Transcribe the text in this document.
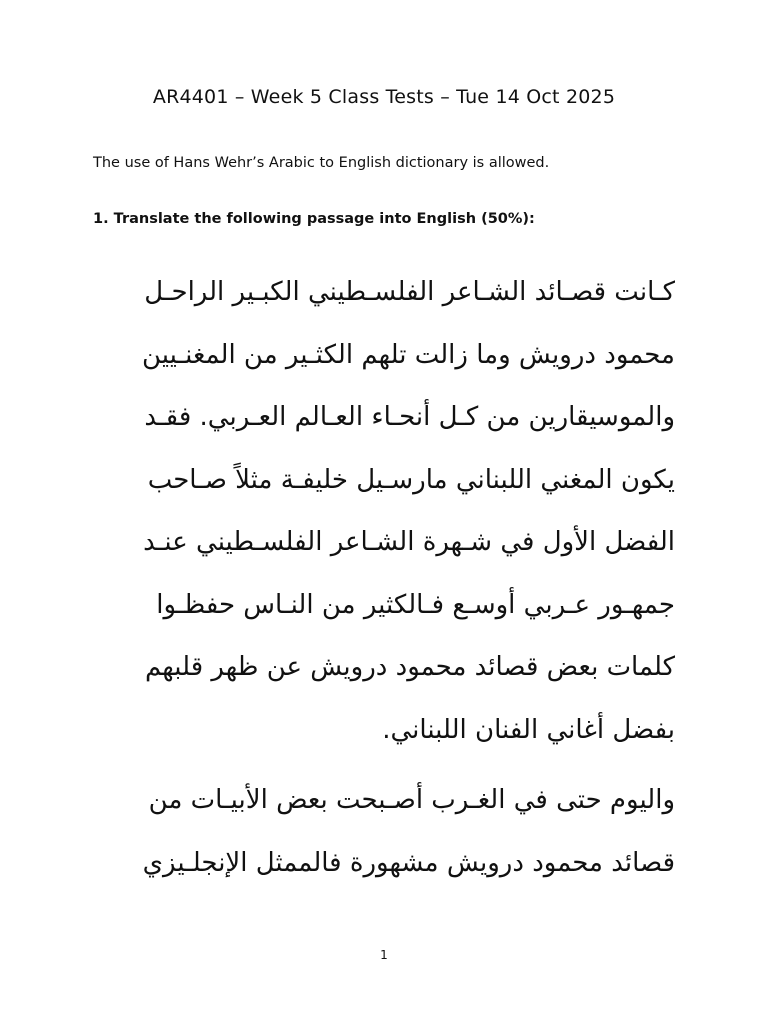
AR4401 – Week 5 Class Tests – Tue 14 Oct 2025
The use of Hans Wehr’s Arabic to English dictionary is allowed.
1. Translate the following passage into English (50%):
كـانت قصـائد الشـاعر الفلسـطيني الكبـير الراحـل
محمود درويش وما زالت تلهم الكثـير من المغنـيين
والموسيقارين من كـل أنحـاء العـالم العـربي. فقـد
يكون المغني اللبناني مارسـيل خليفـة مثلاً صـاحب
الفضل الأول في شـهرة الشـاعر الفلسـطيني عنـد
جمهـور عـربي أوسـع فـالكثير من النـاس حفظـوا
كلمات بعض قصائد محمود درويش عن ظهر قلبهم
بفضل أغاني الفنان اللبناني.
واليوم حتى في الغـرب أصـبحت بعض الأبيـات من
قصائد محمود درويش مشهورة فالممثل الإنجلـيزي
1
